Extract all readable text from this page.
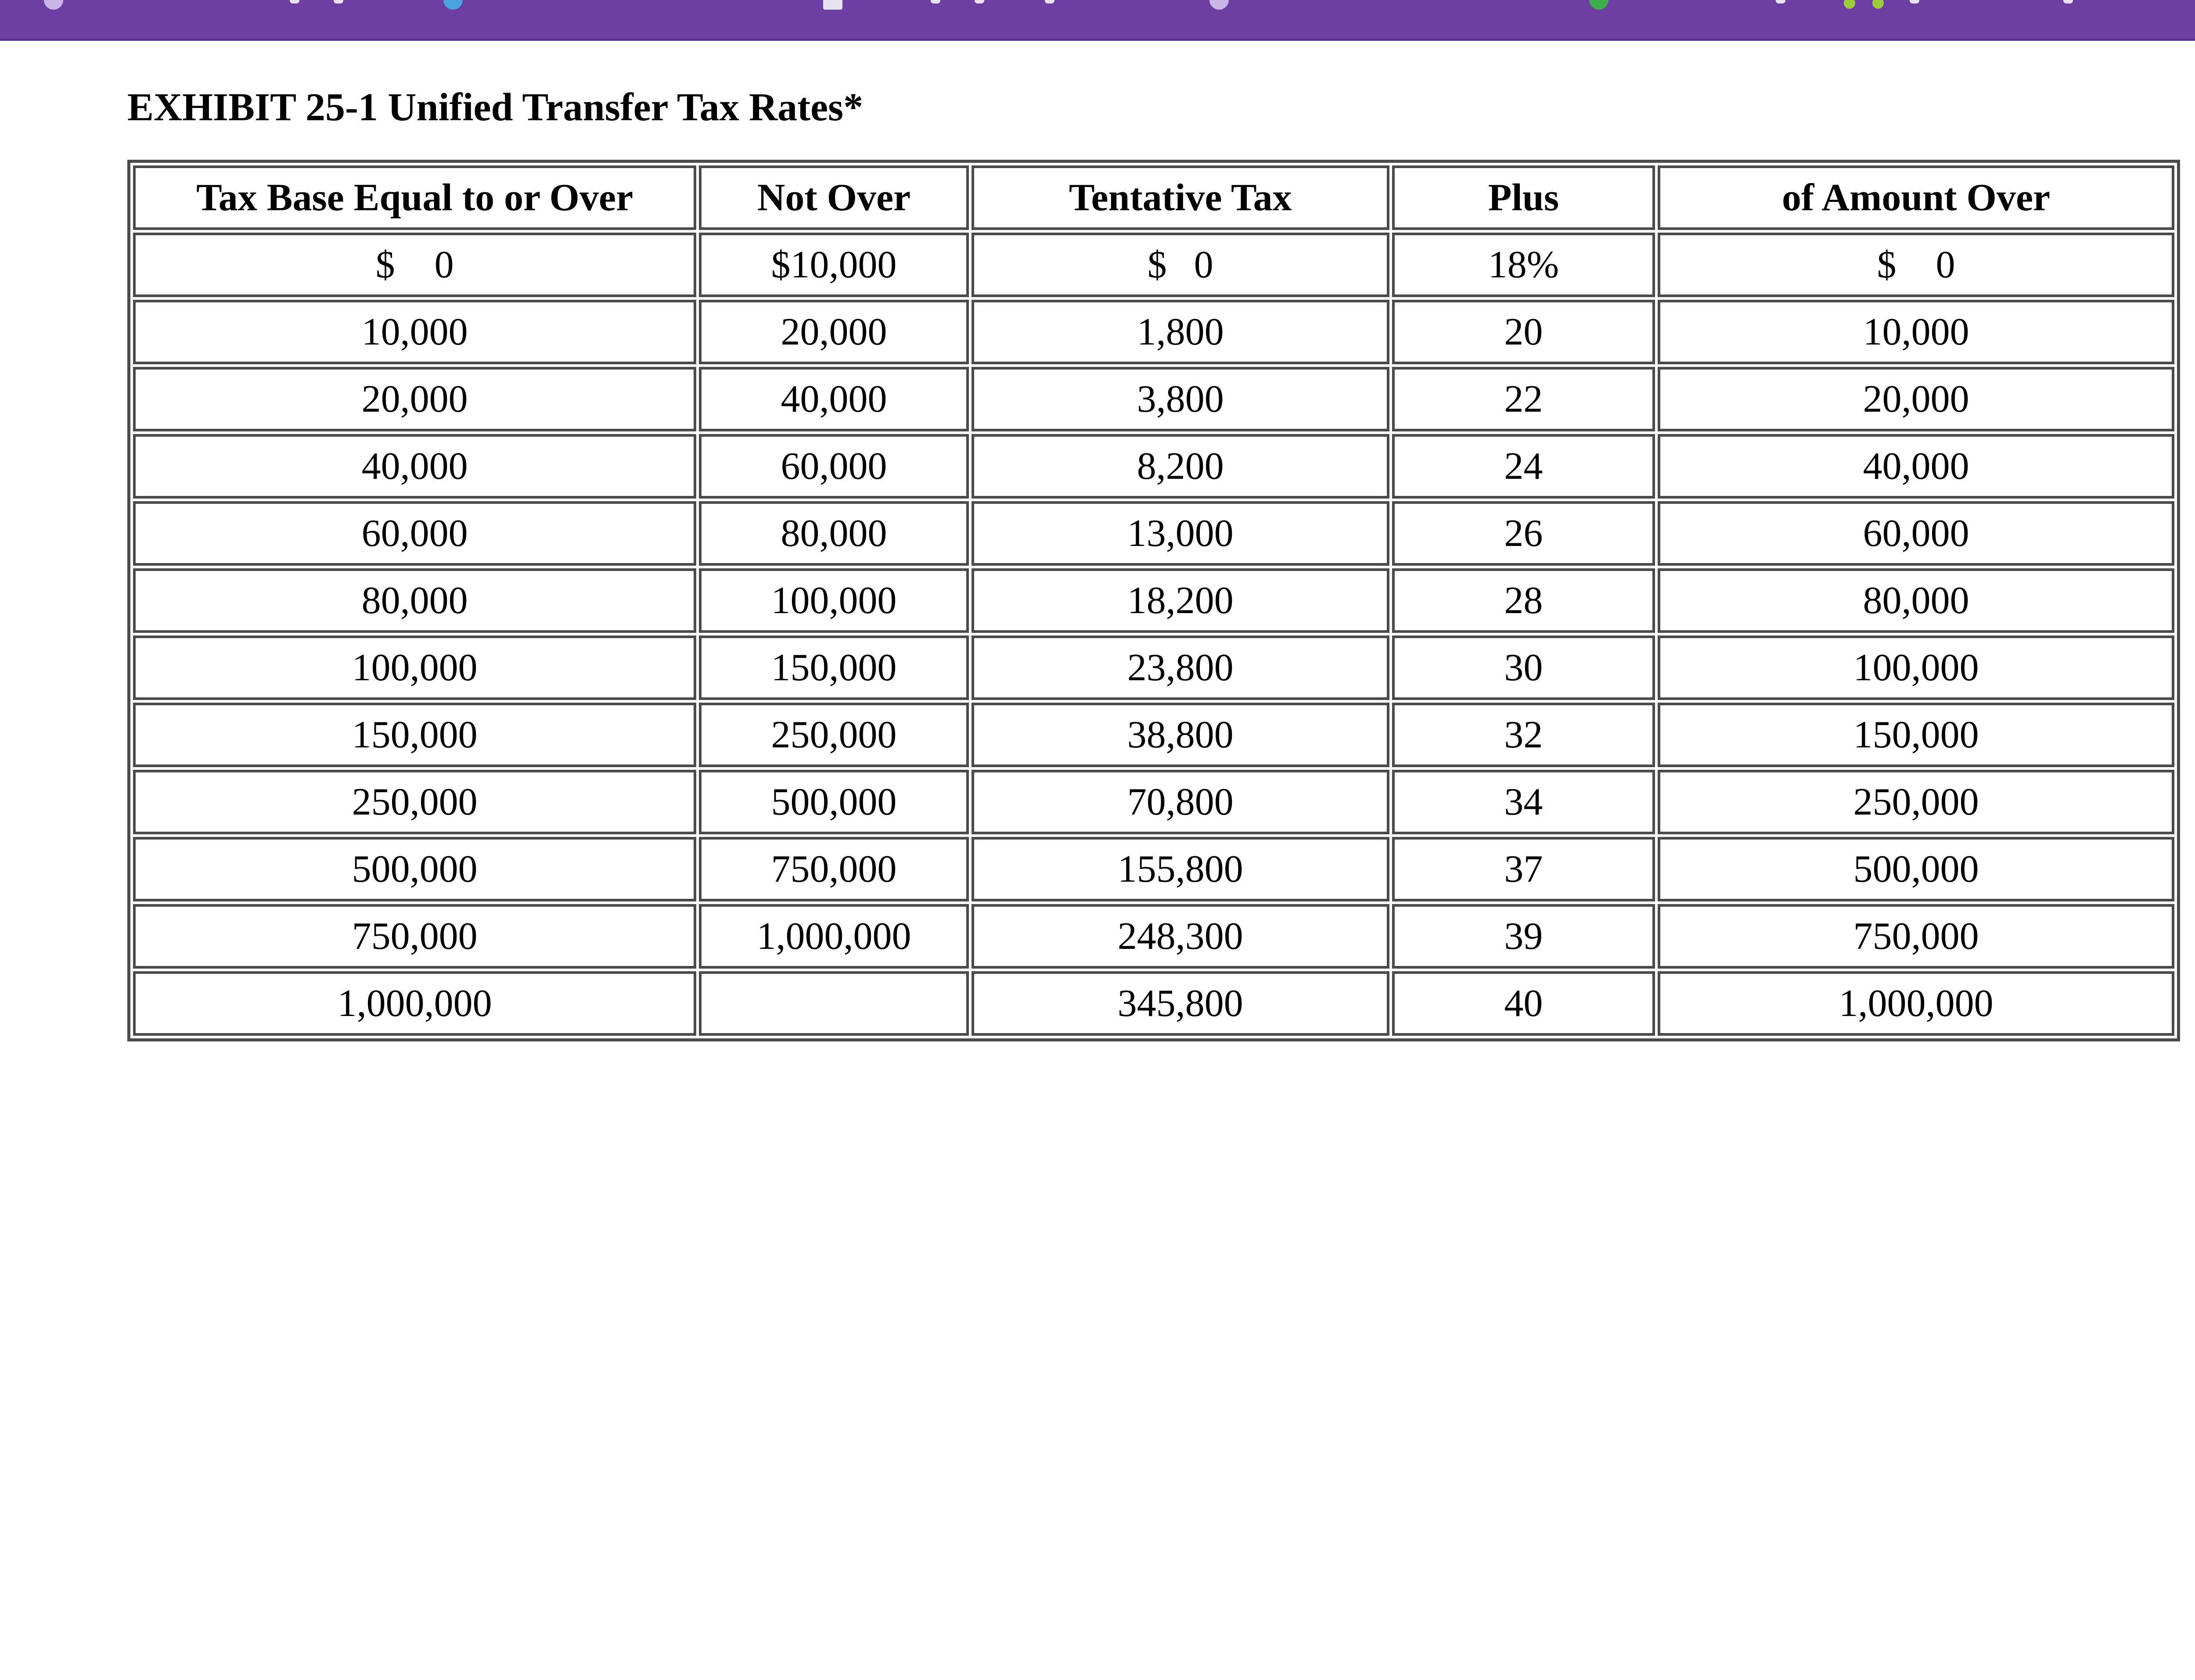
EXHIBIT 25-1 Unified Transfer Tax Rates*
Tax Base Equal to or Over	Not Over	Tentative Tax	Plus	of Amount Over
$ 0	$10,000	$ 0	18%	$ 0
10,000	20,000	1,800	20	10,000
20,000	40,000	3,800	22	20,000
40,000	60,000	8,200	24	40,000
60,000	80,000	13,000	26	60,000
80,000	100,000	18,200	28	80,000
100,000	150,000	23,800	30	100,000
150,000	250,000	38,800	32	150,000
250,000	500,000	70,800	34	250,000
500,000	750,000	155,800	37	500,000
750,000	1,000,000	248,300	39	750,000
1,000,000		345,800	40	1,000,000
